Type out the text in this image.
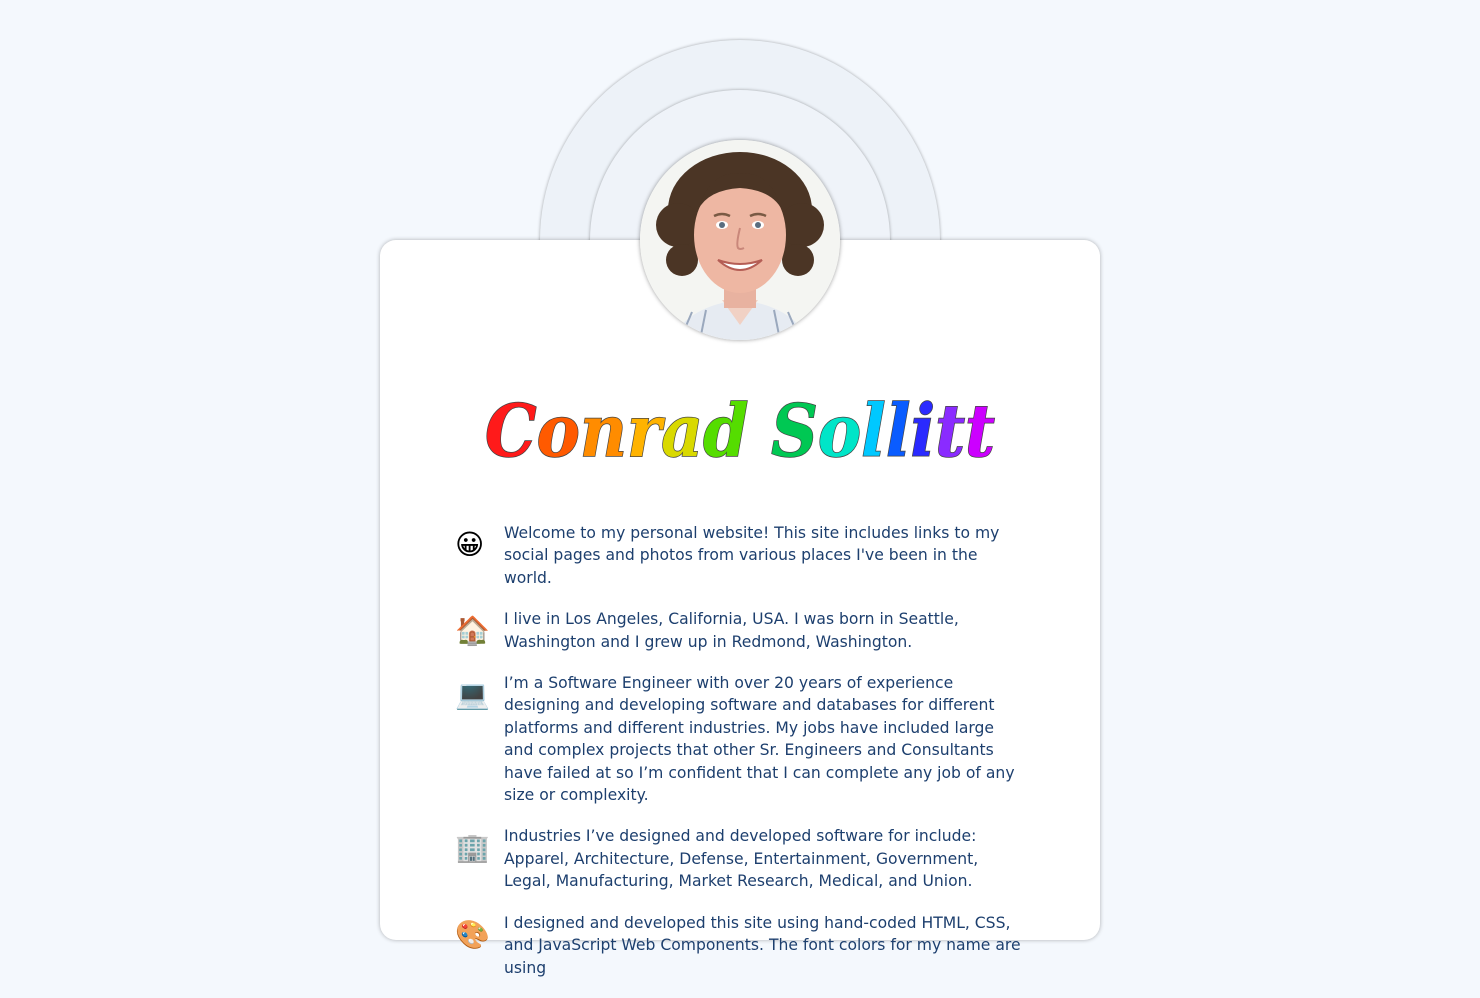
Conrad Sollitt
😀	Welcome to my personal website! This site includes links to my social pages and photos from various places I've been in the world.

🏠 I live in Los Angeles, California, USA. I was born in Seattle, Washington and I grew up in Redmond, Washington.

💻 I’m a Software Engineer with over 20 years of experience designing and developing software and databases for different platforms and different industries. My jobs have included large and complex projects that other Sr. Engineers and Consultants have failed at so I’m confident that I can complete any job of any size or complexity.

🏢 Industries I’ve designed and developed software for include: Apparel, Architecture, Defense, Entertainment, Government, Legal, Manufacturing, Market Research, Medical, and Union.

🎨 I designed and developed this site using hand-coded HTML, CSS, and JavaScript Web Components. The font colors for my name are using
